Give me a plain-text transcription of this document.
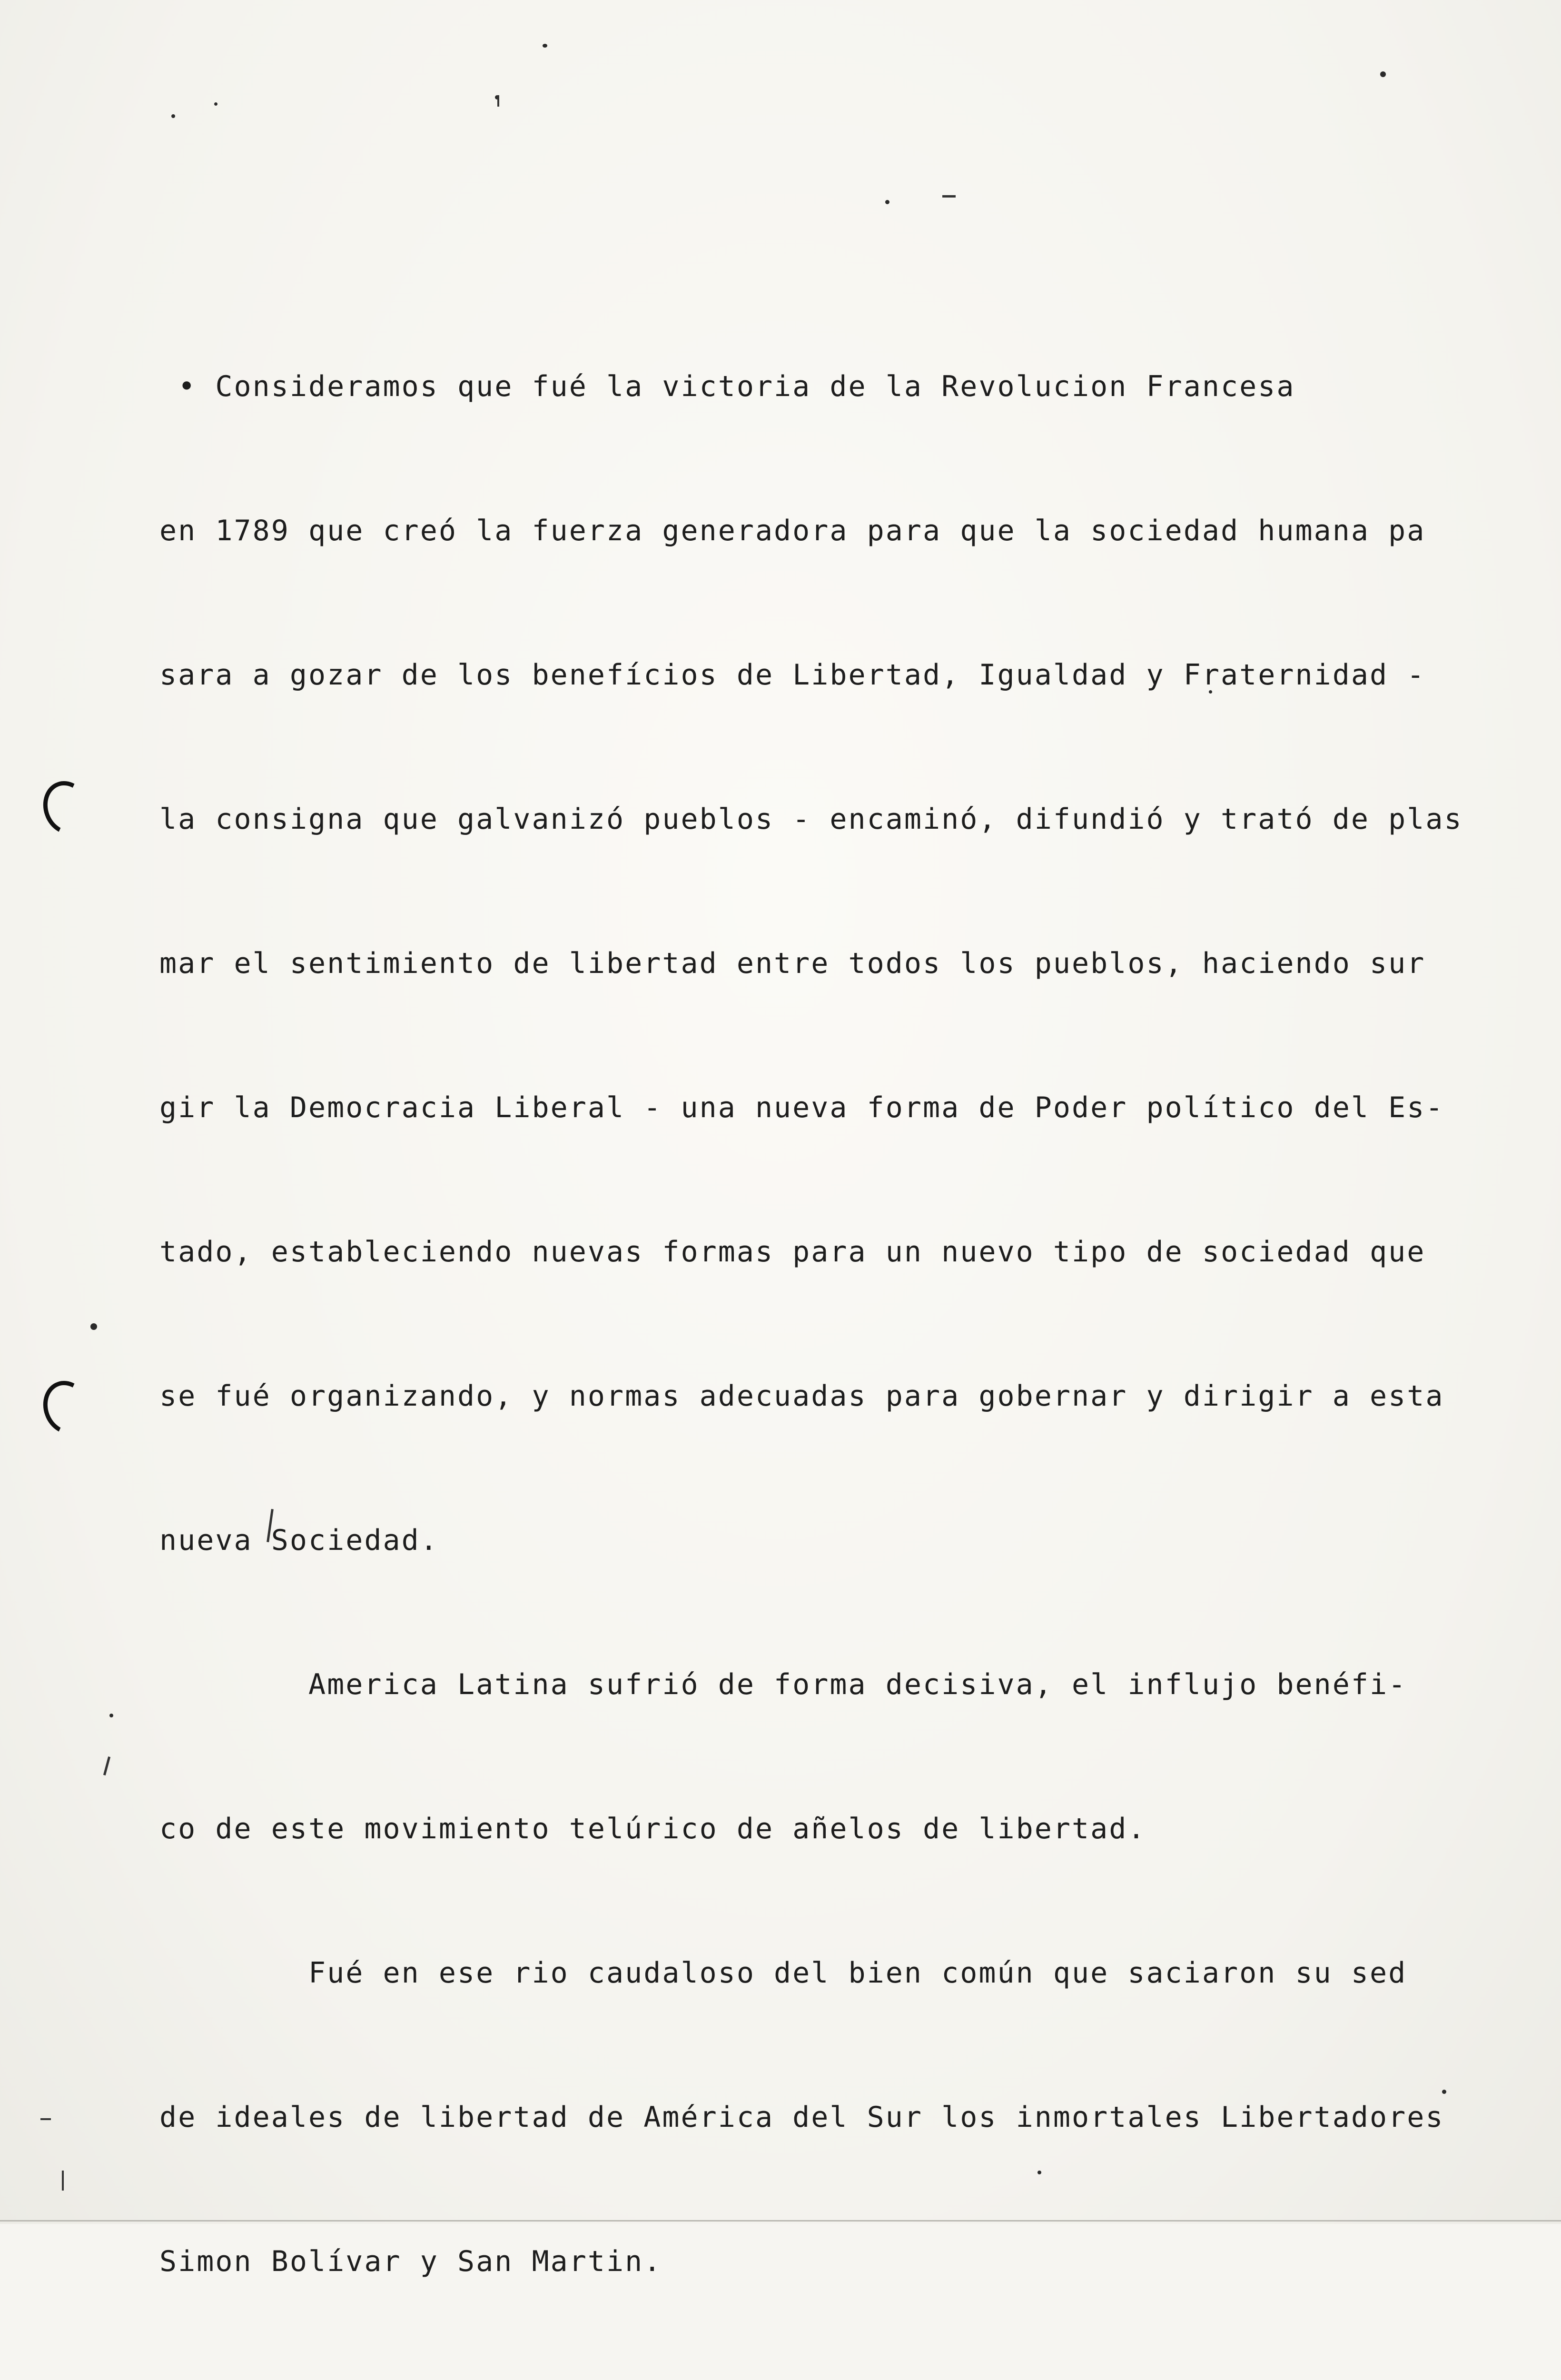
• Consideramos que fué la victoria de la Revolucion Francesa

en 1789 que creó la fuerza generadora para que la sociedad humana pa

sara a gozar de los benefícios de Libertad, Igualdad y Fraternidad -

la consigna que galvanizó pueblos - encaminó, difundió y trató de plas

mar el sentimiento de libertad entre todos los pueblos, haciendo sur

gir la Democracia Liberal - una nueva forma de Poder político del Es-

tado, estableciendo nuevas formas para un nuevo tipo de sociedad que

se fué organizando, y normas adecuadas para gobernar y dirigir a esta

nueva Sociedad.

America Latina sufrió de forma decisiva, el influjo benéfi-

co de este movimiento telúrico de añelos de libertad.

Fué en ese rio caudaloso del bien común que saciaron su sed

de ideales de libertad de América del Sur los inmortales Libertadores

Simon Bolívar y San Martin.
